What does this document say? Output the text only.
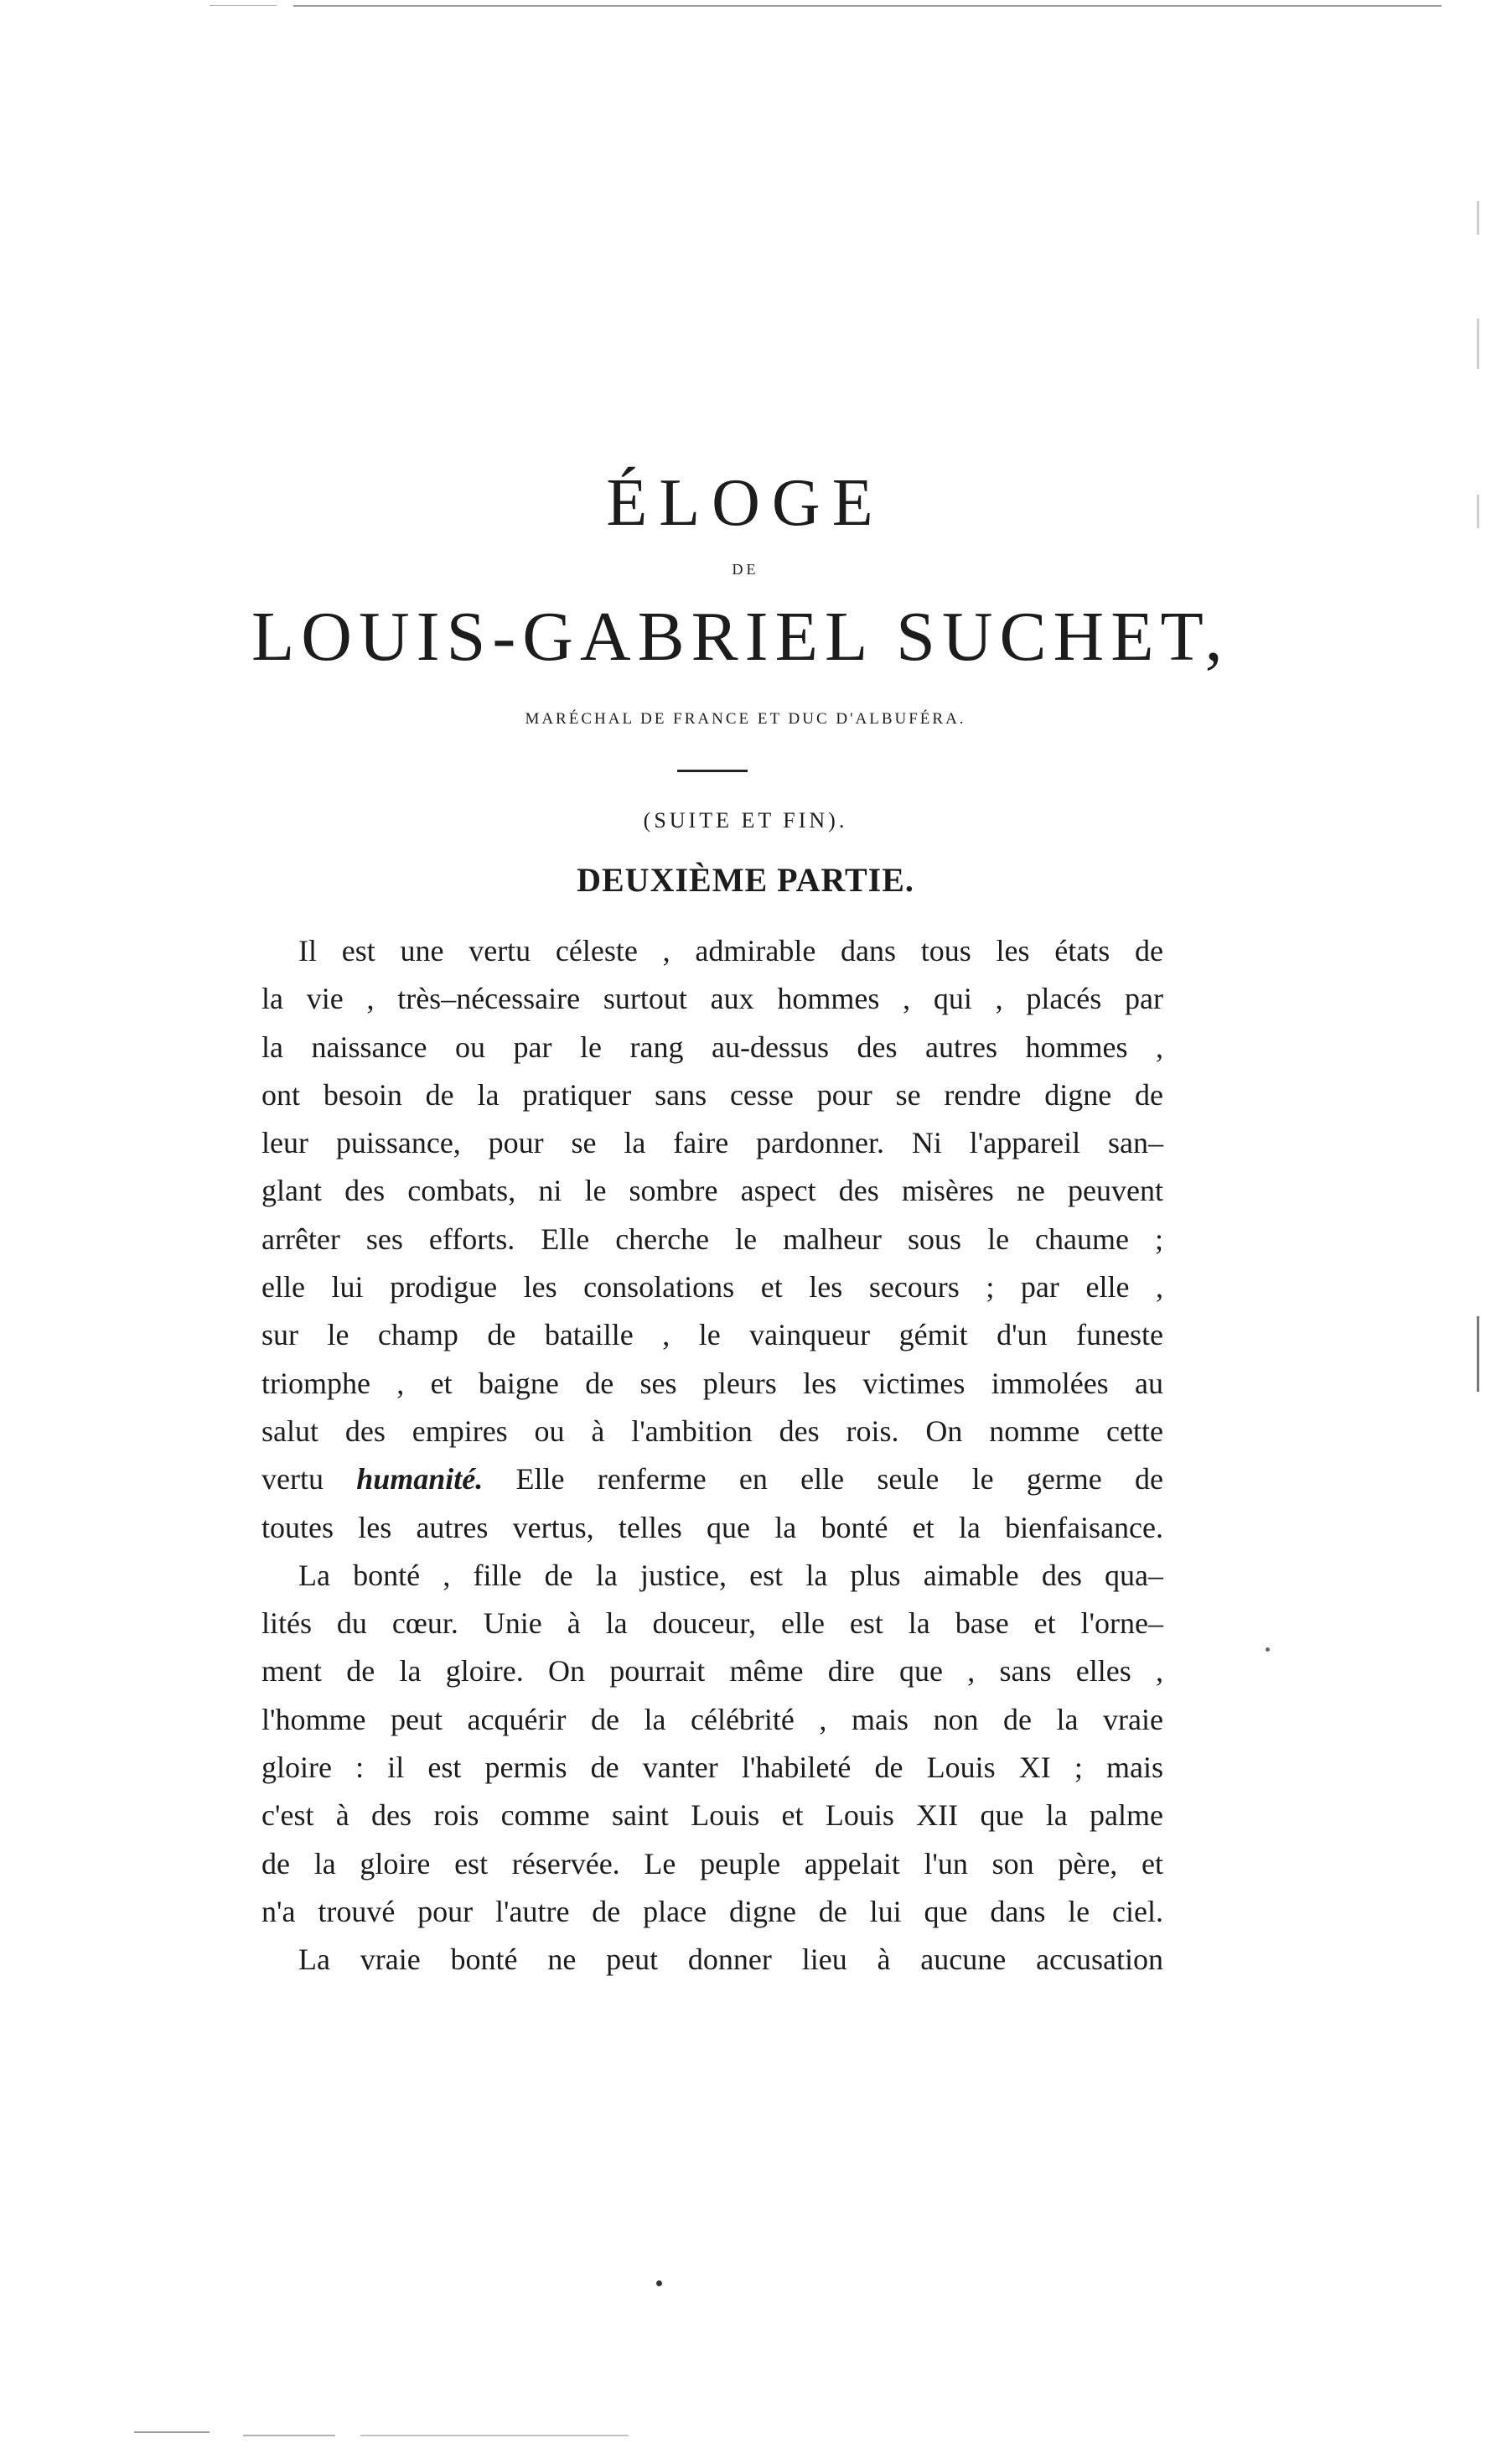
ÉLOGE
DE
LOUIS-GABRIEL SUCHET,
MARÉCHAL DE FRANCE ET DUC D'ALBUFÉRA.
(SUITE ET FIN).
DEUXIÈME PARTIE.
Il est une vertu céleste , admirable dans tous les états de
la vie , très–nécessaire surtout aux hommes , qui , placés par
la naissance ou par le rang au-dessus des autres hommes ,
ont besoin de la pratiquer sans cesse pour se rendre digne de
leur puissance, pour se la faire pardonner. Ni l'appareil san–
glant des combats, ni le sombre aspect des misères ne peuvent
arrêter ses efforts. Elle cherche le malheur sous le chaume ;
elle lui prodigue les consolations et les secours ; par elle ,
sur le champ de bataille , le vainqueur gémit d'un funeste
triomphe , et baigne de ses pleurs les victimes immolées au
salut des empires ou à l'ambition des rois. On nomme cette
vertu humanité. Elle renferme en elle seule le germe de
toutes les autres vertus, telles que la bonté et la bienfaisance.
La bonté , fille de la justice, est la plus aimable des qua–
lités du cœur. Unie à la douceur, elle est la base et l'orne–
ment de la gloire. On pourrait même dire que , sans elles ,
l'homme peut acquérir de la célébrité , mais non de la vraie
gloire : il est permis de vanter l'habileté de Louis XI ; mais
c'est à des rois comme saint Louis et Louis XII que la palme
de la gloire est réservée. Le peuple appelait l'un son père, et
n'a trouvé pour l'autre de place digne de lui que dans le ciel.
La vraie bonté ne peut donner lieu à aucune accusation
